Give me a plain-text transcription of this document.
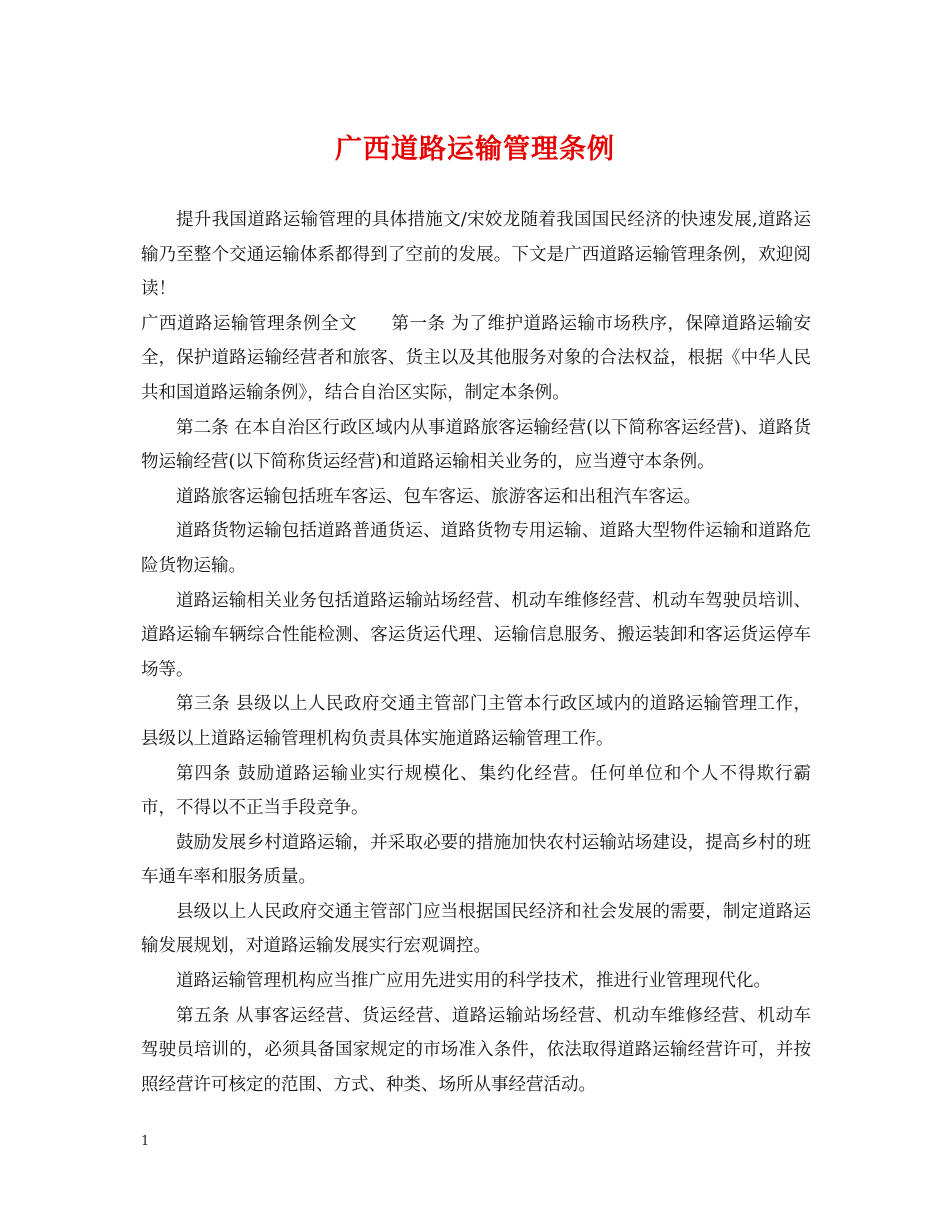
广西道路运输管理条例

提升我国道路运输管理的具体措施文/宋姣龙随着我国国民经济的快速发展,道路运输乃至整个交通运输体系都得到了空前的发展。下文是广西道路运输管理条例，欢迎阅读！

广西道路运输管理条例全文 第一条 为了维护道路运输市场秩序，保障道路运输安全，保护道路运输经营者和旅客、货主以及其他服务对象的合法权益，根据《中华人民共和国道路运输条例》，结合自治区实际，制定本条例。

第二条 在本自治区行政区域内从事道路旅客运输经营(以下简称客运经营)、道路货物运输经营(以下简称货运经营)和道路运输相关业务的，应当遵守本条例。

道路旅客运输包括班车客运、包车客运、旅游客运和出租汽车客运。

道路货物运输包括道路普通货运、道路货物专用运输、道路大型物件运输和道路危险货物运输。

道路运输相关业务包括道路运输站场经营、机动车维修经营、机动车驾驶员培训、道路运输车辆综合性能检测、客运货运代理、运输信息服务、搬运装卸和客运货运停车场等。

第三条 县级以上人民政府交通主管部门主管本行政区域内的道路运输管理工作，县级以上道路运输管理机构负责具体实施道路运输管理工作。

第四条 鼓励道路运输业实行规模化、集约化经营。任何单位和个人不得欺行霸市，不得以不正当手段竞争。

鼓励发展乡村道路运输，并采取必要的措施加快农村运输站场建设，提高乡村的班车通车率和服务质量。

县级以上人民政府交通主管部门应当根据国民经济和社会发展的需要，制定道路运输发展规划，对道路运输发展实行宏观调控。

道路运输管理机构应当推广应用先进实用的科学技术，推进行业管理现代化。

第五条 从事客运经营、货运经营、道路运输站场经营、机动车维修经营、机动车驾驶员培训的，必须具备国家规定的市场准入条件，依法取得道路运输经营许可，并按照经营许可核定的范围、方式、种类、场所从事经营活动。

1
